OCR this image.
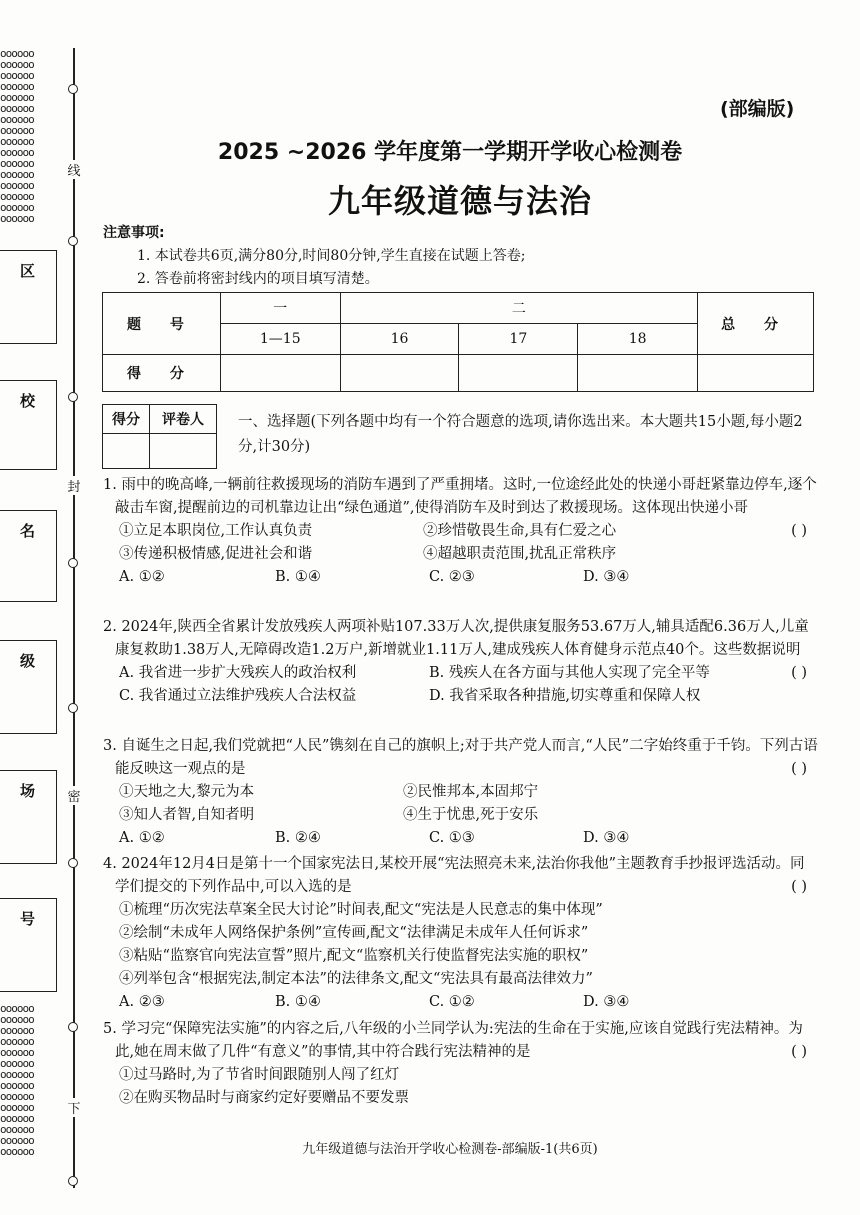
oooooo
oooooo
oooooo
oooooo
oooooo
oooooo
oooooo
oooooo
oooooo
oooooo
oooooo
oooooo
oooooo
oooooo
oooooo
oooooo
oooooo
oooooo
oooooo
oooooo
oooooo
oooooo
oooooo
oooooo
oooooo
oooooo
oooooo
oooooo
oooooo
oooooo
线
封
密
下
区
校
名
级
场
号
(部编版)
2025 ~2026 学年度第一学期开学收心检测卷
九年级道德与法治
注意事项:
1. 本试卷共6页,满分80分,时间80分钟,学生直接在试题上答卷;
2. 答卷前将密封线内的项目填写清楚。
题 号	一	二			总 分
	1—15	16	17	18	
得 分					
得分	评卷人
	一、选择题(下列各题中均有一个符合题意的选项,请你选出来。本大题共15小题,每小题2分,计30分)
1. 雨中的晚高峰,一辆前往救援现场的消防车遇到了严重拥堵。这时,一位途经此处的快递小哥赶紧靠边停车,逐个敲击车窗,提醒前边的司机靠边让出“绿色通道”,使得消防车及时到达了救援现场。这体现出快递小哥
( )
①立足本职岗位,工作认真负责	②珍惜敬畏生命,具有仁爱之心
③传递积极情感,促进社会和谐	④超越职责范围,扰乱正常秩序
A. ①②	B. ①④	C. ②③	D. ③④
2. 2024年,陕西全省累计发放残疾人两项补贴107.33万人次,提供康复服务53.67万人,辅具适配6.36万人,儿童康复救助1.38万人,无障碍改造1.2万户,新增就业1.11万人,建成残疾人体育健身示范点40个。这些数据说明
( )
A. 我省进一步扩大残疾人的政治权利	B. 残疾人在各方面与其他人实现了完全平等
C. 我省通过立法维护残疾人合法权益	D. 我省采取各种措施,切实尊重和保障人权
3. 自诞生之日起,我们党就把“人民”镌刻在自己的旗帜上;对于共产党人而言,“人民”二字始终重于千钧。下列古语能反映这一观点的是	( )
①天地之大,黎元为本	②民惟邦本,本固邦宁
③知人者智,自知者明	④生于忧患,死于安乐
A. ①②	B. ②④	C. ①③	D. ③④
4. 2024年12月4日是第十一个国家宪法日,某校开展“宪法照亮未来,法治你我他”主题教育手抄报评选活动。同学们提交的下列作品中,可以入选的是	( )
①梳理“历次宪法草案全民大讨论”时间表,配文“宪法是人民意志的集中体现”
②绘制“未成年人网络保护条例”宣传画,配文“法律满足未成年人任何诉求”
③粘贴“监察官向宪法宣誓”照片,配文“监察机关行使监督宪法实施的职权”
④列举包含“根据宪法,制定本法”的法律条文,配文“宪法具有最高法律效力”
A. ②③	B. ①④	C. ①②	D. ③④
5. 学习完“保障宪法实施”的内容之后,八年级的小兰同学认为:宪法的生命在于实施,应该自觉践行宪法精神。为此,她在周末做了几件“有意义”的事情,其中符合践行宪法精神的是	( )
①过马路时,为了节省时间跟随别人闯了红灯
②在购买物品时与商家约定好要赠品不要发票
九年级道德与法治开学收心检测卷-部编版-1(共6页)
